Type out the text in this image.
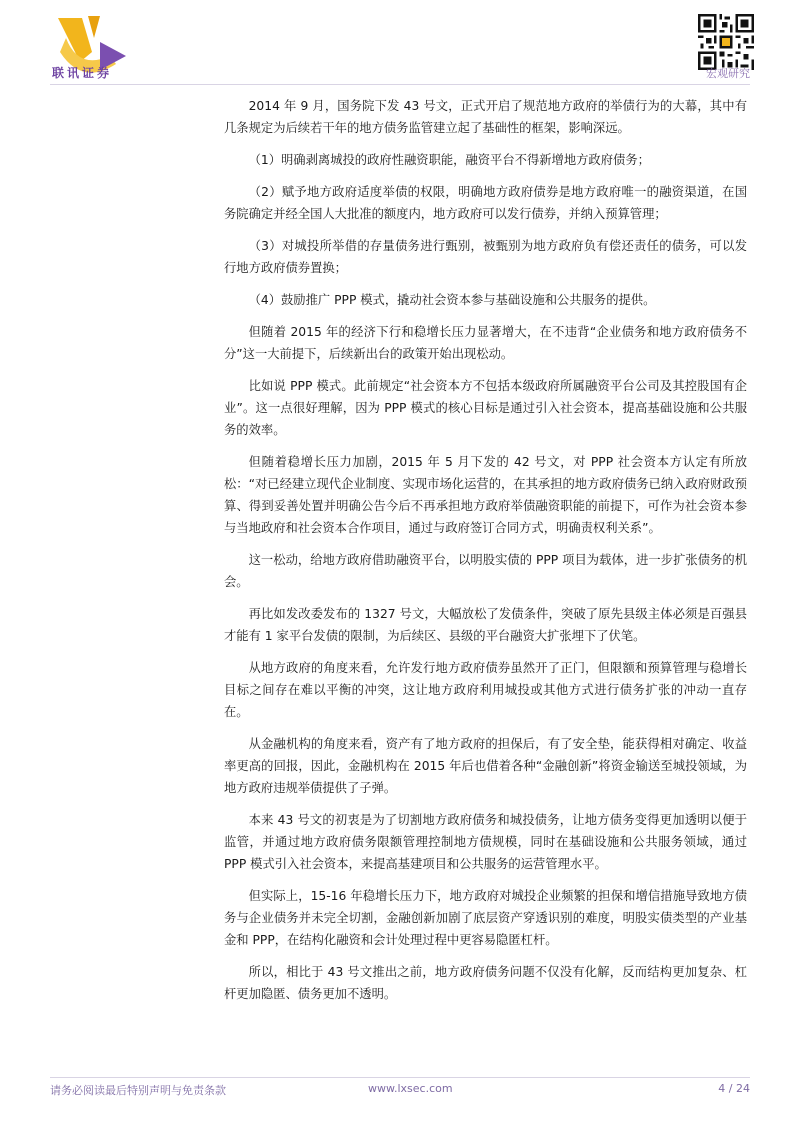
联讯证券	宏观研究

2014 年 9 月，国务院下发 43 号文，正式开启了规范地方政府的举债行为的大幕，其中有几条规定为后续若干年的地方债务监管建立起了基础性的框架，影响深远。

（1）明确剥离城投的政府性融资职能，融资平台不得新增地方政府债务；

（2）赋予地方政府适度举债的权限，明确地方政府债券是地方政府唯一的融资渠道，在国务院确定并经全国人大批准的额度内，地方政府可以发行债券，并纳入预算管理；

（3）对城投所举借的存量债务进行甄别，被甄别为地方政府负有偿还责任的债务，可以发行地方政府债券置换；

（4）鼓励推广 PPP 模式，撬动社会资本参与基础设施和公共服务的提供。

但随着 2015 年的经济下行和稳增长压力显著增大，在不违背“企业债务和地方政府债务不分”这一大前提下，后续新出台的政策开始出现松动。

比如说 PPP 模式。此前规定“社会资本方不包括本级政府所属融资平台公司及其控股国有企业”。这一点很好理解，因为 PPP 模式的核心目标是通过引入社会资本，提高基础设施和公共服务的效率。

但随着稳增长压力加剧，2015 年 5 月下发的 42 号文，对 PPP 社会资本方认定有所放松：“对已经建立现代企业制度、实现市场化运营的，在其承担的地方政府债务已纳入政府财政预算、得到妥善处置并明确公告今后不再承担地方政府举债融资职能的前提下，可作为社会资本参与当地政府和社会资本合作项目，通过与政府签订合同方式，明确责权利关系”。

这一松动，给地方政府借助融资平台，以明股实债的 PPP 项目为载体，进一步扩张债务的机会。

再比如发改委发布的 1327 号文，大幅放松了发债条件，突破了原先县级主体必须是百强县才能有 1 家平台发债的限制，为后续区、县级的平台融资大扩张埋下了伏笔。

从地方政府的角度来看，允许发行地方政府债券虽然开了正门，但限额和预算管理与稳增长目标之间存在难以平衡的冲突，这让地方政府利用城投或其他方式进行债务扩张的冲动一直存在。

从金融机构的角度来看，资产有了地方政府的担保后，有了安全垫，能获得相对确定、收益率更高的回报，因此，金融机构在 2015 年后也借着各种“金融创新”将资金输送至城投领域，为地方政府违规举债提供了子弹。

本来 43 号文的初衷是为了切割地方政府债务和城投债务，让地方债务变得更加透明以便于监管，并通过地方政府债务限额管理控制地方债规模，同时在基础设施和公共服务领域，通过 PPP 模式引入社会资本，来提高基建项目和公共服务的运营管理水平。

但实际上，15-16 年稳增长压力下，地方政府对城投企业频繁的担保和增信措施导致地方债务与企业债务并未完全切割，金融创新加剧了底层资产穿透识别的难度，明股实债类型的产业基金和 PPP，在结构化融资和会计处理过程中更容易隐匿杠杆。

所以，相比于 43 号文推出之前，地方政府债务问题不仅没有化解，反而结构更加复杂、杠杆更加隐匿、债务更加不透明。

请务必阅读最后特别声明与免责条款	www.lxsec.com	4 / 24
